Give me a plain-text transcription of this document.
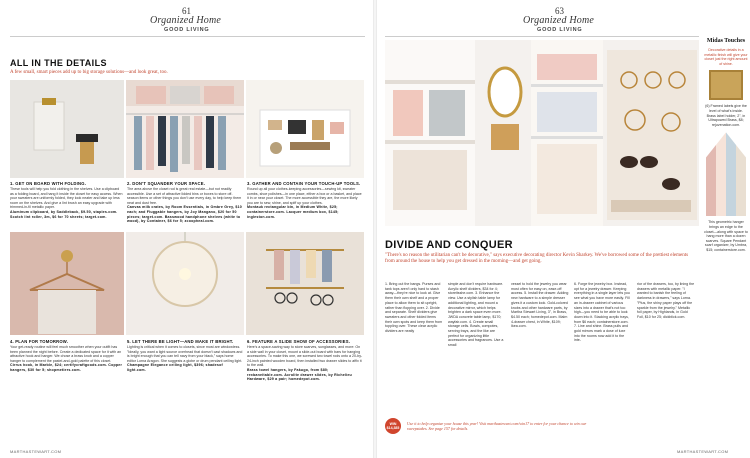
61
Organized Home
GOOD LIVING
ALL IN THE DETAILS
A few small, smart pieces add up to big storage solutions—and look great, too.
1. GET ON BOARD WITH FOLDING.
These tools will help you fold clothing in the shelves. Use a clipboard as a folding board, and hang it inside the closet for easy access. When your sweaters are uniformly folded, they look neater and take up less room on the shelves. And give a lint brush an easy upgrade with trimmed-in-fil metallic paper.
Aluminum clipboard, by Saddleback, $9.50, staples.com. Scotch lint roller, 3m, $6 for 70 sheets; target.com.
2. DON'T SQUANDER YOUR SPACE.
The area above the closet rod is great real estate—but not readily accessible. Use a set of attractive lidded bins or boxes to store off-season items or other things you don't use every day, to help keep them neat and dust free.
Canvas milk crates, by Room Essentials, in Ombre Grey, $10 each; and Fluggable hangers, by Joy Mangano, $20 for 50 pieces; target.com. Basswood handphone shelves (white to wood), by Container, $6 for 5; zcoopheal.com.
3. GATHER AND CONTAIN YOUR TOUCH-UP TOOLS.
Round up all your clothes-keeping accessories—sewing kit, sweater combs, shoe polishes—in one place, either a box or a basket, and place it in or near your closet. The more accessible they are, the more likely you are to sew, shine, and spiff up your clothes.
Montauk rectangular bin, in Medium White, $25; containerstore.com. Lacquer medium box, $145; ingleston.com.
4. PLAN FOR TOMORROW.
Your get-ready routine will feel much smoother when your outfit has been planned the night before. Create a dedicated space for it with an attractive hook and hanger. We chose a brass knob and a copper hanger to complement the pastel-and-gold palette of this closet.
Cirrus hook, in Marble, $24; certifycraftgoods.com. Copper hangers, $30 for 5; shopmetiers.com.
5. LET THERE BE LIGHT—AND MAKE IT BRIGHT.
Lighting is critical when it comes to closets, since most are windowless. "Ideally, you want a light source overhead that doesn't cast shadows and is bright enough that you can tell navy from your black," says home editor Lorna Aragon. She suggests a globe or drum pendant ceiling light.
Champagne Elegance ceiling light, $396; shadesof light.com.
6. FEATURE A SLIDE SHOW OF ACCESSORIES.
Here's a space-saving way to store scarves, sunglasses, and more: On a side wall in your closet, mount a slide-out board with bars for hanging accessories. To make this one, we screwed two towel rods onto a 20-by-24-inch painted wooden board, then installed two drawer slides to affix it to the wall.
Brass towel hangers, by Fakugo, from $80; rexbaneitable.com. Acrolite drawer slides, by Richelieu Hardware, $29 a pair; homedepot.com.
MARTHASTEWART.COM
63
Organized Home
GOOD LIVING
Midas Touches
Decorative details in a metallic finish will give your closet just the right amount of shine.
(6) Framed labels give the level of what's inside. Brass label holder, 2", in Ultrapowed Brass, $8; rejuvenation.com.
This geometric hanger brings an edge to the closet—along with space to hang more than a dozen scarves. Square Pendant scarf organizer, by Umbra, $15; containerstore.com.
DIVIDE AND CONQUER
"There's no reason the utilitarian can't be decorative," says executive decorating director Kevin Sharkey. We've borrowed some of the prettiest elements from around the house to help you get dressed in the morning—and get going.
1. Bring out the bangs. Purses and tank tops aren't only hard to stash away—they're nice to look at. Give them their own shelf and a proper place to allow them to sit upright, rather than flopping over. 2. Divide and separate. Shelf dividers give sweaters and other folded items their own spots and keep them from toppling over. These clear acrylic dividers are neatly
simple and don't require hardware. Acrylic shelf dividers, $34 for 4; storeitsshe.com. 3. Enhance the view. Use a stylish table lamp for additional lighting, and mount a decorative mirror, which helps brighten a dark space even more. JWDA concrete table lamp, $170; wayfair.com. 4. Create small storage cells. Bowls, compotes, serving trays, and the like are perfect for organizing little accessories and fragrances. Use a small
vessel to hold the jewelry you wear most often for easy on, ease-off access. 5. Install the drawer. Adding new hardware to a simple dresser gives it a custom look. Gold-colored knobs and other hardware parts, by Martha Stewart Living, 3", in Brass, $4.50 each; homedepot.com. Malm 4-drawer chest, in White, $109; Ikea.com.
6. Forge the jewelry box. Instead, opt for a jewelry drawer. Keeping everything in a single layer lets you see what you have more easily. Fill an in-drawer cabinet of various sizes into a drawer that's not too high—you need to be able to look down into it. Stacking acrylic trays, from $6 each; containerstore.com. 7. Line and shine. Brass pulls and gold mirrors mark a dose of luxe into the rooms now add it to the inte-
rior of the drawers, too, by lining the drawers with metallic paper. "I wanted to banish the feeling of darkness in drawers," says Lorna. "Plus, the shiny paper plays off the sparkle from the jewelry." Metallic foil paper, by Highlands, in Gold Foil, $10 for 25; dickblick.com.
WIN $14,385
Use it to help organize your house this year! Visit marthastewart.com/win17 to enter for your chance to win our sweepstakes. See page 157 for details.
MARTHASTEWART.COM
